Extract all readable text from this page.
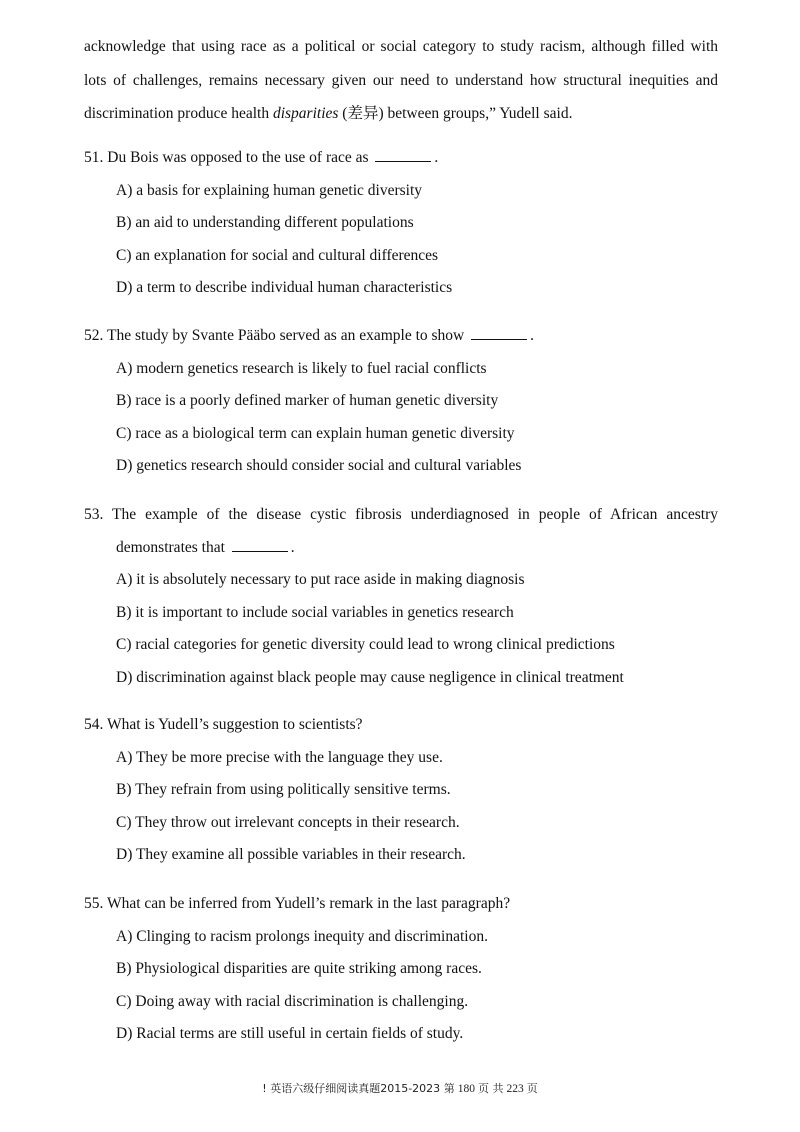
acknowledge that using race as a political or social category to study racism, although filled with
lots of challenges, remains necessary given our need to understand how structural inequities and
discrimination produce health disparities (差异) between groups,” Yudell said.

51. Du Bois was opposed to the use of race as	.
A) a basis for explaining human genetic diversity
B) an aid to understanding different populations
C) an explanation for social and cultural differences
D) a term to describe individual human characteristics
52. The study by Svante Pääbo served as an example to show	.
A) modern genetics research is likely to fuel racial conflicts
B) race is a poorly defined marker of human genetic diversity
C) race as a biological term can explain human genetic diversity
D) genetics research should consider social and cultural variables
53. The example of the disease cystic fibrosis underdiagnosed in people of African ancestry
demonstrates that	.
A) it is absolutely necessary to put race aside in making diagnosis
B) it is important to include social variables in genetics research
C) racial categories for genetic diversity could lead to wrong clinical predictions
D) discrimination against black people may cause negligence in clinical treatment
54. What is Yudell’s suggestion to scientists?
A) They be more precise with the language they use.
B) They refrain from using politically sensitive terms.
C) They throw out irrelevant concepts in their research.
D) They examine all possible variables in their research.
55. What can be inferred from Yudell’s remark in the last paragraph?
A) Clinging to racism prolongs inequity and discrimination.
B) Physiological disparities are quite striking among races.
C) Doing away with racial discrimination is challenging.
D) Racial terms are still useful in certain fields of study.
! 英语六级仔细阅读真题2015-2023 第 180 页 共 223 页
